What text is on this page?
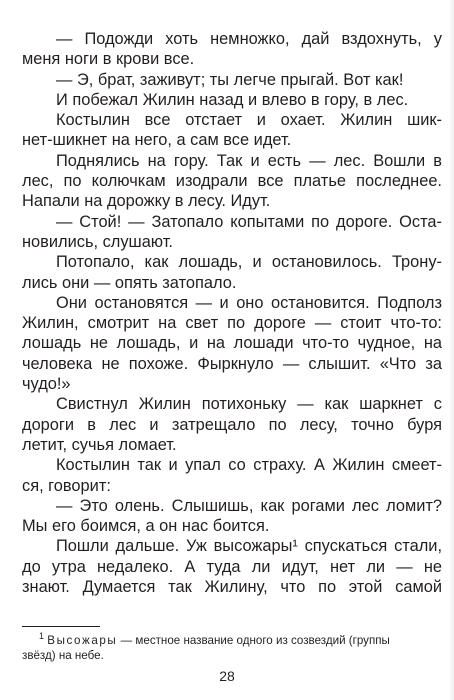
— Подожди хоть немножко, дай вздохнуть, у
меня ноги в крови все.

— Э, брат, заживут; ты легче прыгай. Вот как!

И побежал Жилин назад и влево в гору, в лес.

Костылин все отстает и охает. Жилин шик-
нет-шикнет на него, а сам все идет.

Поднялись на гору. Так и есть — лес. Вошли в
лес, по колючкам изодрали все платье последнее.
Напали на дорожку в лесу. Идут.

— Стой! — Затопало копытами по дороге. Оста-
новились, слушают.

Потопало, как лошадь, и остановилось. Трону-
лись они — опять затопало.

Они остановятся — и оно остановится. Подполз
Жилин, смотрит на свет по дороге — стоит что-то:
лошадь не лошадь, и на лошади что-то чудное, на
человека не похоже. Фыркнуло — слышит. «Что за
чудо!»

Свистнул Жилин потихоньку — как шаркнет с
дороги в лес и затрещало по лесу, точно буря
летит, сучья ломает.

Костылин так и упал со страху. А Жилин смеет-
ся, говорит:

— Это олень. Слышишь, как рогами лес ломит?
Мы его боимся, а он нас боится.

Пошли дальше. Уж высожары¹ спускаться стали,
до утра недалеко. А туда ли идут, нет ли — не
знают. Думается так Жилину, что по этой самой

$^1$ Высожары — местное название одного из созвездий (группы
звёзд) на небе.
28
